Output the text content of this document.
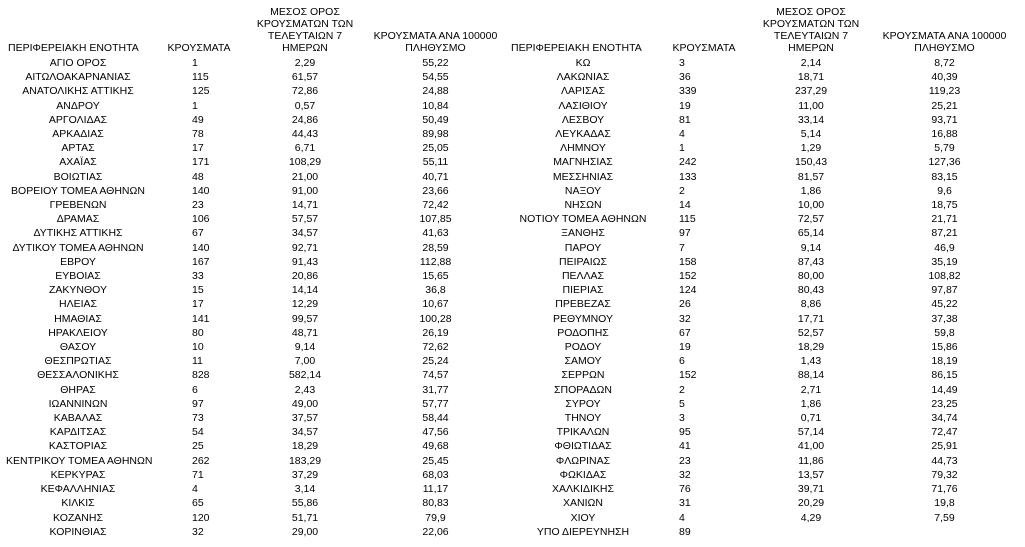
ΠΕΡΙΦΕΡΕΙΑΚΗ ΕΝΟΤΗΤΑ	ΚΡΟΥΣΜΑΤΑ	ΜΕΣΟΣ ΟΡΟΣ ΚΡΟΥΣΜΑΤΩΝ ΤΩΝ ΤΕΛΕΥΤΑΙΩΝ 7 ΗΜΕΡΩΝ	ΚΡΟΥΣΜΑΤΑ ΑΝΑ 100000 ΠΛΗΘΥΣΜΟ	ΠΕΡΙΦΕΡΕΙΑΚΗ ΕΝΟΤΗΤΑ	ΚΡΟΥΣΜΑΤΑ	ΜΕΣΟΣ ΟΡΟΣ ΚΡΟΥΣΜΑΤΩΝ ΤΩΝ ΤΕΛΕΥΤΑΙΩΝ 7 ΗΜΕΡΩΝ	ΚΡΟΥΣΜΑΤΑ ΑΝΑ 100000 ΠΛΗΘΥΣΜΟ
ΑΓΙΟ ΟΡΟΣ	1	2,29	55,22	ΚΩ	3	2,14	8,72
ΑΙΤΩΛΟΑΚΑΡΝΑΝΙΑΣ	115	61,57	54,55	ΛΑΚΩΝΙΑΣ	36	18,71	40,39
ΑΝΑΤΟΛΙΚΗΣ ΑΤΤΙΚΗΣ	125	72,86	24,88	ΛΑΡΙΣΑΣ	339	237,29	119,23
ΑΝΔΡΟΥ	1	0,57	10,84	ΛΑΣΙΘΙΟΥ	19	11,00	25,21
ΑΡΓΟΛΙΔΑΣ	49	24,86	50,49	ΛΕΣΒΟΥ	81	33,14	93,71
ΑΡΚΑΔΙΑΣ	78	44,43	89,98	ΛΕΥΚΑΔΑΣ	4	5,14	16,88
ΑΡΤΑΣ	17	6,71	25,05	ΛΗΜΝΟΥ	1	1,29	5,79
ΑΧΑΪΑΣ	171	108,29	55,11	ΜΑΓΝΗΣΙΑΣ	242	150,43	127,36
ΒΟΙΩΤΙΑΣ	48	21,00	40,71	ΜΕΣΣΗΝΙΑΣ	133	81,57	83,15
ΒΟΡΕΙΟΥ ΤΟΜΕΑ ΑΘΗΝΩΝ	140	91,00	23,66	ΝΑΞΟΥ	2	1,86	9,6
ΓΡΕΒΕΝΩΝ	23	14,71	72,42	ΝΗΣΩΝ	14	10,00	18,75
ΔΡΑΜΑΣ	106	57,57	107,85	ΝΟΤΙΟΥ ΤΟΜΕΑ ΑΘΗΝΩΝ	115	72,57	21,71
ΔΥΤΙΚΗΣ ΑΤΤΙΚΗΣ	67	34,57	41,63	ΞΑΝΘΗΣ	97	65,14	87,21
ΔΥΤΙΚΟΥ ΤΟΜΕΑ ΑΘΗΝΩΝ	140	92,71	28,59	ΠΑΡΟΥ	7	9,14	46,9
ΕΒΡΟΥ	167	91,43	112,88	ΠΕΙΡΑΙΩΣ	158	87,43	35,19
ΕΥΒΟΙΑΣ	33	20,86	15,65	ΠΕΛΛΑΣ	152	80,00	108,82
ΖΑΚΥΝΘΟΥ	15	14,14	36,8	ΠΙΕΡΙΑΣ	124	80,43	97,87
ΗΛΕΙΑΣ	17	12,29	10,67	ΠΡΕΒΕΖΑΣ	26	8,86	45,22
ΗΜΑΘΙΑΣ	141	99,57	100,28	ΡΕΘΥΜΝΟΥ	32	17,71	37,38
ΗΡΑΚΛΕΙΟΥ	80	48,71	26,19	ΡΟΔΟΠΗΣ	67	52,57	59,8
ΘΑΣΟΥ	10	9,14	72,62	ΡΟΔΟΥ	19	18,29	15,86
ΘΕΣΠΡΩΤΙΑΣ	11	7,00	25,24	ΣΑΜΟΥ	6	1,43	18,19
ΘΕΣΣΑΛΟΝΙΚΗΣ	828	582,14	74,57	ΣΕΡΡΩΝ	152	88,14	86,15
ΘΗΡΑΣ	6	2,43	31,77	ΣΠΟΡΑΔΩΝ	2	2,71	14,49
ΙΩΑΝΝΙΝΩΝ	97	49,00	57,77	ΣΥΡΟΥ	5	1,86	23,25
ΚΑΒΑΛΑΣ	73	37,57	58,44	ΤΗΝΟΥ	3	0,71	34,74
ΚΑΡΔΙΤΣΑΣ	54	34,57	47,56	ΤΡΙΚΑΛΩΝ	95	57,14	72,47
ΚΑΣΤΟΡΙΑΣ	25	18,29	49,68	ΦΘΙΩΤΙΔΑΣ	41	41,00	25,91
ΚΕΝΤΡΙΚΟΥ ΤΟΜΕΑ ΑΘΗΝΩΝ	262	183,29	25,45	ΦΛΩΡΙΝΑΣ	23	11,86	44,73
ΚΕΡΚΥΡΑΣ	71	37,29	68,03	ΦΩΚΙΔΑΣ	32	13,57	79,32
ΚΕΦΑΛΛΗΝΙΑΣ	4	3,14	11,17	ΧΑΛΚΙΔΙΚΗΣ	76	39,71	71,76
ΚΙΛΚΙΣ	65	55,86	80,83	ΧΑΝΙΩΝ	31	20,29	19,8
ΚΟΖΑΝΗΣ	120	51,71	79,9	ΧΙΟΥ	4	4,29	7,59
ΚΟΡΙΝΘΙΑΣ	32	29,00	22,06	ΥΠΟ ΔΙΕΡΕΥΝΗΣΗ	89		
